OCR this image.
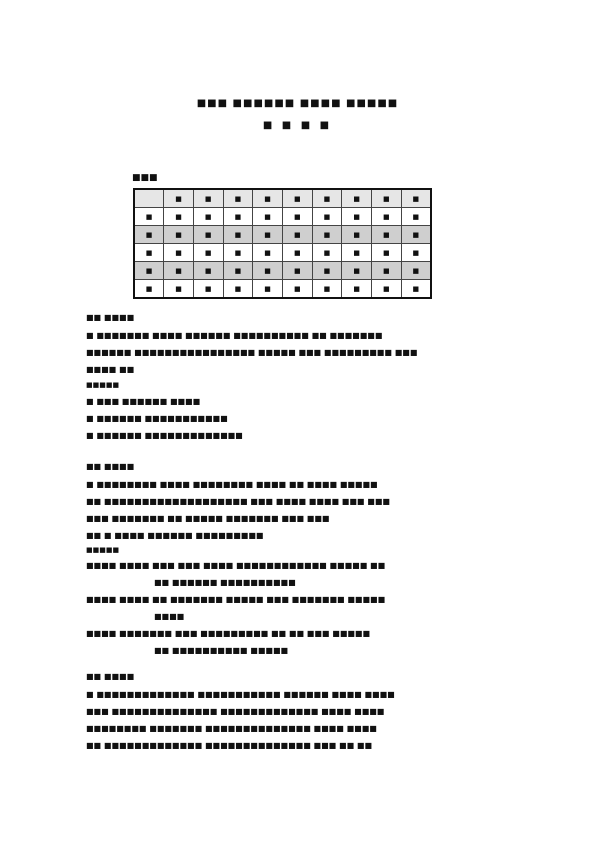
■■■ ■■■■■■ ■■■■ ■■■■■
■ ■ ■ ■
■■■
	■	■	■	■	■	■	■	■	■
■	■	■	■	■	■	■	■	■	■
■	■	■	■	■	■	■	■	■	■
■	■	■	■	■	■	■	■	■	■
■	■	■	■	■	■	■	■	■	■
■	■	■	■	■	■	■	■	■	■
■■ ■■■■
■ ■■■■■■■ ■■■■ ■■■■■■ ■■■■■■■■■■ ■■ ■■■■■■■
■■■■■■ ■■■■■■■■■■■■■■■■ ■■■■■ ■■■ ■■■■■■■■■ ■■■
■■■■ ■■
■■■■■
■ ■■■ ■■■■■■ ■■■■
■ ■■■■■■ ■■■■■■■■■■■
■ ■■■■■■ ■■■■■■■■■■■■■
■■ ■■■■
■ ■■■■■■■■ ■■■■ ■■■■■■■■ ■■■■ ■■ ■■■■ ■■■■■
■■ ■■■■■■■■■■■■■■■■■■■ ■■■ ■■■■ ■■■■ ■■■ ■■■
■■■ ■■■■■■■ ■■ ■■■■■ ■■■■■■■ ■■■ ■■■
■■ ■ ■■■■ ■■■■■■ ■■■■■■■■■
■■■■■
■■■■ ■■■■ ■■■ ■■■ ■■■■ ■■■■■■■■■■■■ ■■■■■ ■■
■■ ■■■■■■ ■■■■■■■■■■
■■■■ ■■■■ ■■ ■■■■■■■ ■■■■■ ■■■ ■■■■■■■ ■■■■■
■■■■
■■■■ ■■■■■■■ ■■■ ■■■■■■■■■ ■■ ■■ ■■■ ■■■■■
■■ ■■■■■■■■■■ ■■■■■
■■ ■■■■
■ ■■■■■■■■■■■■■ ■■■■■■■■■■■ ■■■■■■ ■■■■ ■■■■
■■■ ■■■■■■■■■■■■■■ ■■■■■■■■■■■■■ ■■■■ ■■■■
■■■■■■■■ ■■■■■■■ ■■■■■■■■■■■■■■ ■■■■ ■■■■
■■ ■■■■■■■■■■■■■ ■■■■■■■■■■■■■■ ■■■ ■■ ■■
